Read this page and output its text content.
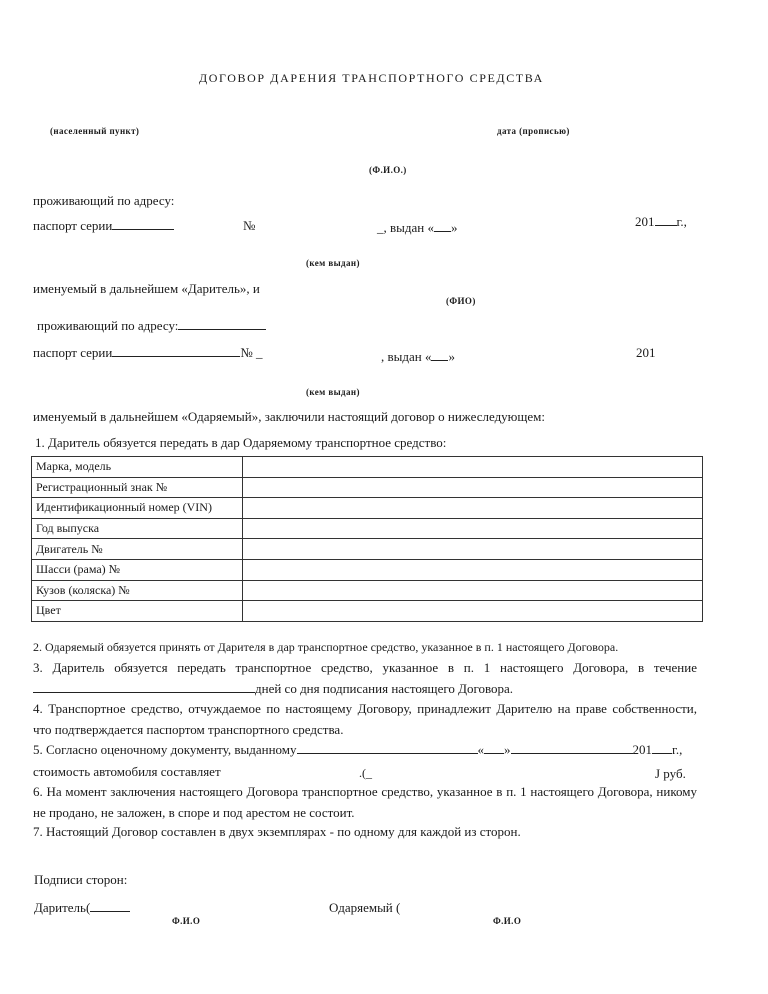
ДОГОВОР ДАРЕНИЯ ТРАНСПОРТНОГО СРЕДСТВА
(населенный пункт)	дата (прописью)
(Ф.И.О.)
проживающий по адресу:
паспорт серии	№	_, выдан « »	201 г.,
(кем выдан)
именуемый в дальнейшем «Даритель», и
(ФИО)
проживающий по адресу:
паспорт серии	№ _	, выдан « »	201
(кем выдан)
именуемый в дальнейшем «Одаряемый», заключили настоящий договор о нижеследующем:
1. Даритель обязуется передать в дар Одаряемому транспортное средство:
Марка, модель	
Регистрационный знак №	
Идентификационный номер (VIN)	
Год выпуска	
Двигатель №	
Шасси (рама) №	
Кузов (коляска) №	
Цвет	
2. Одаряемый обязуется принять от Дарителя в дар транспортное средство, указанное в п. 1 настоящего Договора.
3. Даритель обязуется передать транспортное средство, указанное в п. 1 настоящего Договора, в течение
дней со дня подписания настоящего Договора.
4. Транспортное средство, отчуждаемое по настоящему Договору, принадлежит Дарителю на праве собственности,
что подтверждается паспортом транспортного средства.
5. Согласно оценочному документу, выданному	« »	201 г.,
стоимость автомобиля составляет	.(_	J руб.
6. На момент заключения настоящего Договора транспортное средство, указанное в п. 1 настоящего Договора, никому
не продано, не заложен, в споре и под арестом не состоит.
7. Настоящий Договор составлен в двух экземплярах - по одному для каждой из сторон.
Подписи сторон:
Даритель(	Одаряемый (
Ф.И.О	Ф.И.О
